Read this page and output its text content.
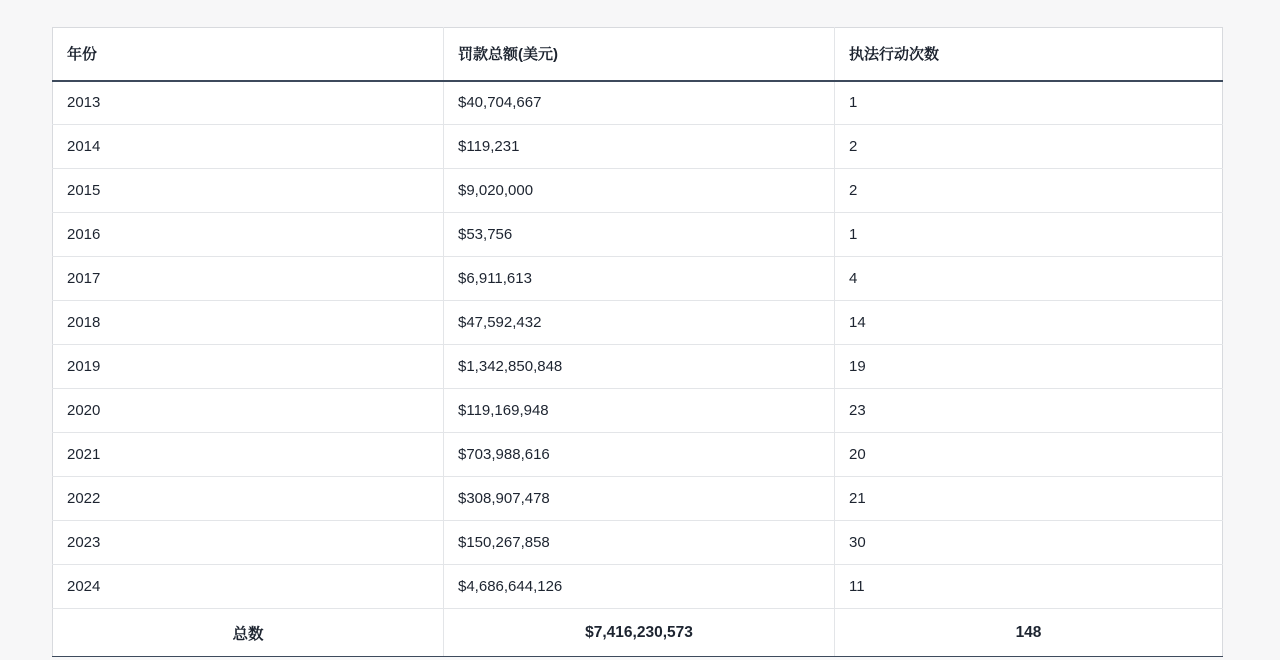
年份	罚款总额(美元)	执法行动次数
2013	$40,704,667	1
2014	$119,231	2
2015	$9,020,000	2
2016	$53,756	1
2017	$6,911,613	4
2018	$47,592,432	14
2019	$1,342,850,848	19
2020	$119,169,948	23
2021	$703,988,616	20
2022	$308,907,478	21
2023	$150,267,858	30
2024	$4,686,644,126	11
总数	$7,416,230,573	148
